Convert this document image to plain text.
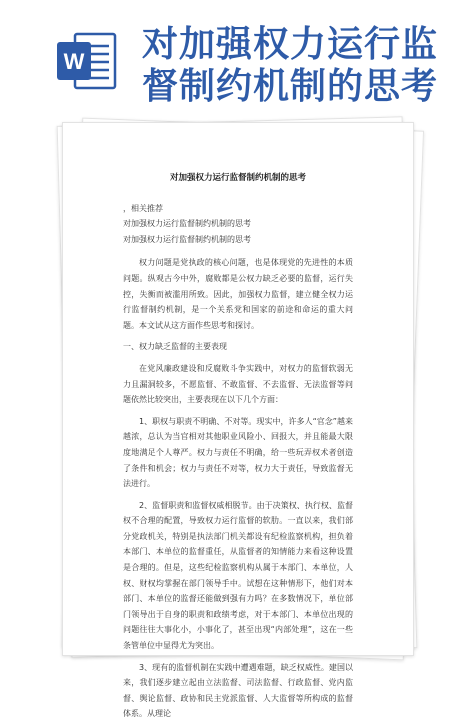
W 对加强权力运行监督制约机制的思考
对加强权力运行监督制约机制的思考

，相关推荐

对加强权力运行监督制约机制的思考

对加强权力运行监督制约机制的思考

权力问题是党执政的核心问题，也是体现党的先进性的本质问题。纵观古今中外，腐败都是公权力缺乏必要的监督，运行失控，失衡而被滥用所致。因此，加强权力监督，建立健全权力运行监督制约机制，是一个关系党和国家的前途和命运的重大问题。本文试从这方面作些思考和探讨。

一、权力缺乏监督的主要表现

在党风廉政建设和反腐败斗争实践中，对权力的监督软弱无力且漏洞较多，不愿监督、不敢监督、不去监督、无法监督等问题依然比较突出，主要表现在以下几个方面：

1、职权与职责不明确、不对等。现实中，许多人“官念”越来越浓，总认为当官相对其他职业风险小、回报大，并且能最大限度地满足个人尊严。权力与责任不明确，给一些玩弄权术者创造了条件和机会；权力与责任不对等，权力大于责任，导致监督无法进行。

2、监督职责和监督权威相脱节。由于决策权、执行权、监督权不合理的配置，导致权力运行监督的软肋。一直以来，我们部分党政机关，特别是执法部门机关都设有纪检监察机构，担负着本部门、本单位的监督重任，从监督者的知情能力来看这种设置是合理的。但是，这些纪检监察机构从属于本部门、本单位，人权、财权均掌握在部门领导手中。试想在这种情形下，他们对本部门、本单位的监督还能做到强有力吗？在多数情况下，单位部门领导出于自身的职责和政绩考虑，对于本部门、本单位出现的问题往往大事化小，小事化了，甚至出现“内部处理”，这在一些条管单位中显得尤为突出。

3、现有的监督机制在实践中遭遇难题，缺乏权威性。建国以来，我们逐步建立起由立法监督、司法监督、行政监督、党内监督、舆论监督、政协和民主党派监督、人大监督等所构成的监督体系。从理论
